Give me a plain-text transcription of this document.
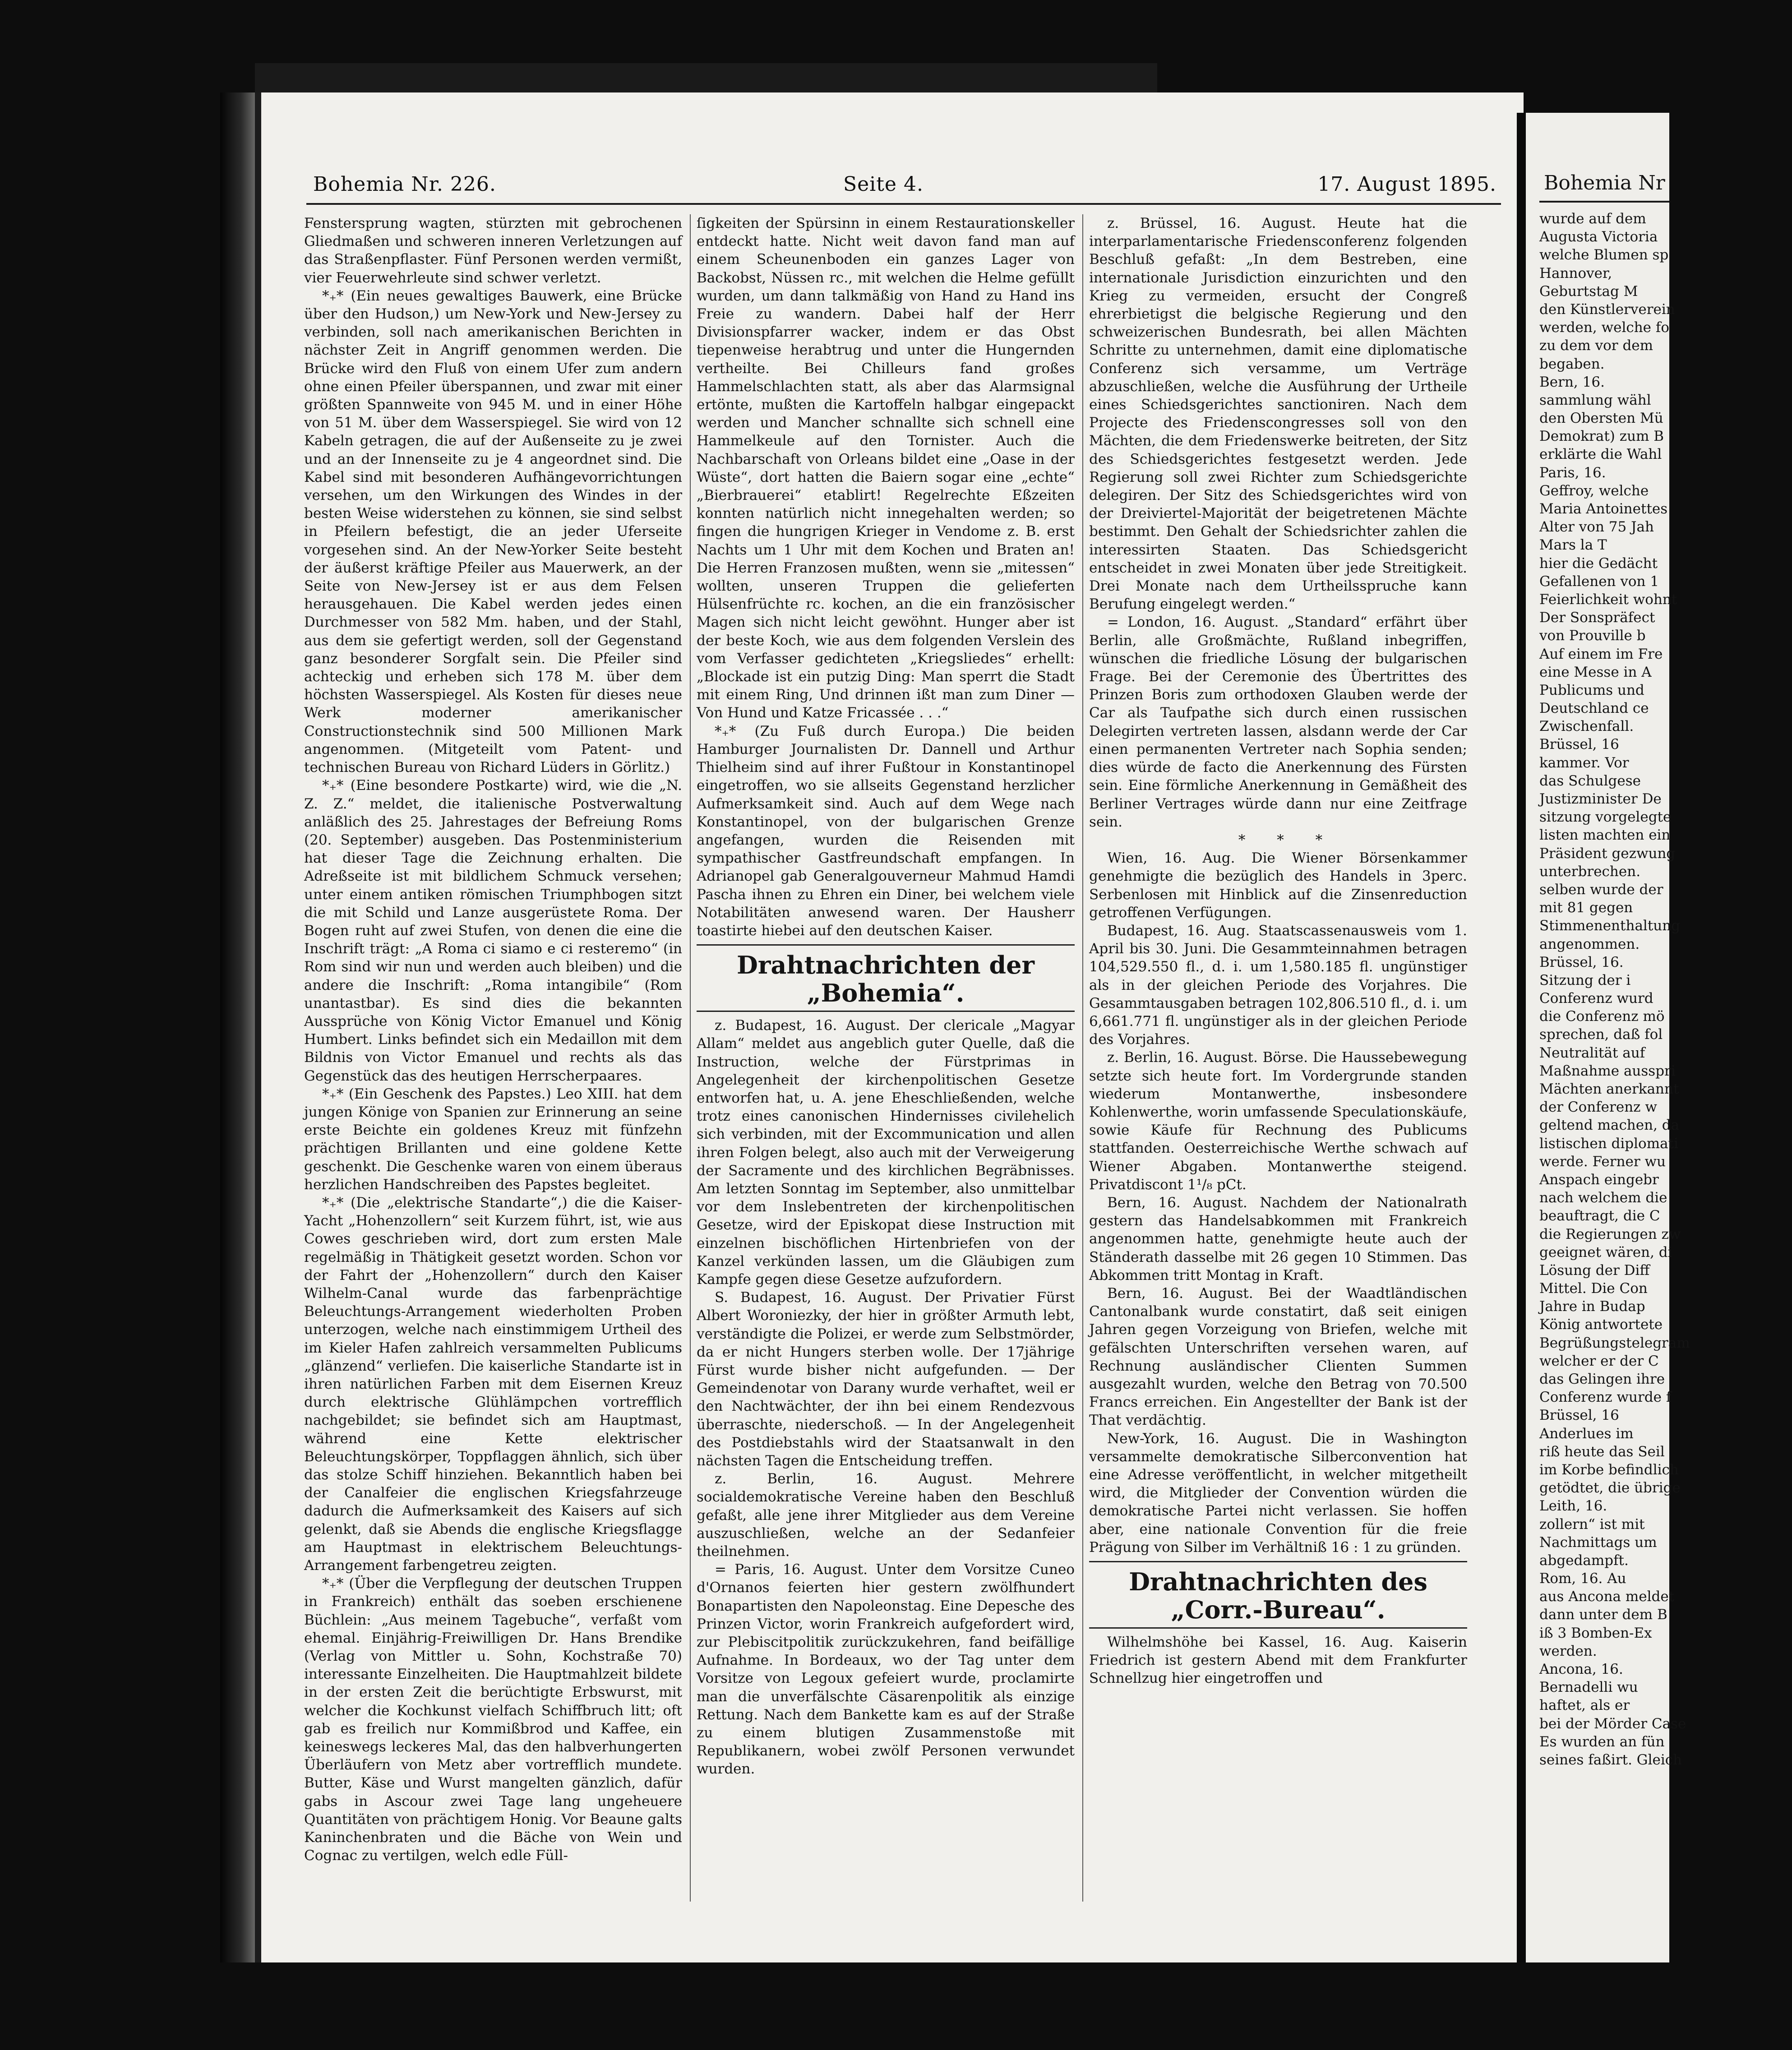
Bohemia Nr. 226.	Seite 4.	17. August 1895.

Fenstersprung wagten, stürzten mit gebrochenen Gliedmaßen und schweren inneren Verletzungen auf das Straßenpflaster. Fünf Personen werden vermißt, vier Feuerwehrleute sind schwer verletzt.

*₊* (Ein neues gewaltiges Bauwerk, eine Brücke über den Hudson,) um New-York und New-Jersey zu verbinden, soll nach amerikanischen Berichten in nächster Zeit in Angriff genommen werden. Die Brücke wird den Fluß von einem Ufer zum andern ohne einen Pfeiler überspannen, und zwar mit einer größten Spannweite von 945 M. und in einer Höhe von 51 M. über dem Wasserspiegel. Sie wird von 12 Kabeln getragen, die auf der Außenseite zu je zwei und an der Innenseite zu je 4 angeordnet sind. Die Kabel sind mit besonderen Aufhängevorrichtungen versehen, um den Wirkungen des Windes in der besten Weise widerstehen zu können, sie sind selbst in Pfeilern befestigt, die an jeder Uferseite vorgesehen sind. An der New-Yorker Seite besteht der äußerst kräftige Pfeiler aus Mauerwerk, an der Seite von New-Jersey ist er aus dem Felsen herausgehauen. Die Kabel werden jedes einen Durchmesser von 582 Mm. haben, und der Stahl, aus dem sie gefertigt werden, soll der Gegenstand ganz besonderer Sorgfalt sein. Die Pfeiler sind achteckig und erheben sich 178 M. über dem höchsten Wasserspiegel. Als Kosten für dieses neue Werk moderner amerikanischer Constructionstechnik sind 500 Millionen Mark angenommen. (Mitgeteilt vom Patent- und technischen Bureau von Richard Lüders in Görlitz.)

*₊* (Eine besondere Postkarte) wird, wie die „N. Z. Z.“ meldet, die italienische Postverwaltung anläßlich des 25. Jahrestages der Befreiung Roms (20. September) ausgeben. Das Postenministerium hat dieser Tage die Zeichnung erhalten. Die Adreßseite ist mit bildlichem Schmuck versehen; unter einem antiken römischen Triumphbogen sitzt die mit Schild und Lanze ausgerüstete Roma. Der Bogen ruht auf zwei Stufen, von denen die eine die Inschrift trägt: „A Roma ci siamo e ci resteremo“ (in Rom sind wir nun und werden auch bleiben) und die andere die Inschrift: „Roma intangibile“ (Rom unantastbar). Es sind dies die bekannten Aussprüche von König Victor Emanuel und König Humbert. Links befindet sich ein Medaillon mit dem Bildnis von Victor Emanuel und rechts als das Gegenstück das des heutigen Herrscherpaares.

*₊* (Ein Geschenk des Papstes.) Leo XIII. hat dem jungen Könige von Spanien zur Erinnerung an seine erste Beichte ein goldenes Kreuz mit fünfzehn prächtigen Brillanten und eine goldene Kette geschenkt. Die Geschenke waren von einem überaus herzlichen Handschreiben des Papstes begleitet.

*₊* (Die „elektrische Standarte“,) die die Kaiser-Yacht „Hohenzollern“ seit Kurzem führt, ist, wie aus Cowes geschrieben wird, dort zum ersten Male regelmäßig in Thätigkeit gesetzt worden. Schon vor der Fahrt der „Hohenzollern“ durch den Kaiser Wilhelm-Canal wurde das farbenprächtige Beleuchtungs-Arrangement wiederholten Proben unterzogen, welche nach einstimmigem Urtheil des im Kieler Hafen zahlreich versammelten Publicums „glänzend“ verliefen. Die kaiserliche Standarte ist in ihren natürlichen Farben mit dem Eisernen Kreuz durch elektrische Glühlämpchen vortrefflich nachgebildet; sie befindet sich am Hauptmast, während eine Kette elektrischer Beleuchtungskörper, Toppflaggen ähnlich, sich über das stolze Schiff hinziehen. Bekanntlich haben bei der Canalfeier die englischen Kriegsfahrzeuge dadurch die Aufmerksamkeit des Kaisers auf sich gelenkt, daß sie Abends die englische Kriegsflagge am Hauptmast in elektrischem Beleuchtungs-Arrangement farbengetreu zeigten.

*₊* (Über die Verpflegung der deutschen Truppen in Frankreich) enthält das soeben erschienene Büchlein: „Aus meinem Tagebuche“, verfaßt vom ehemal. Einjährig-Freiwilligen Dr. Hans Brendike (Verlag von Mittler u. Sohn, Kochstraße 70) interessante Einzelheiten. Die Hauptmahlzeit bildete in der ersten Zeit die berüchtigte Erbswurst, mit welcher die Kochkunst vielfach Schiffbruch litt; oft gab es freilich nur Kommißbrod und Kaffee, ein keineswegs leckeres Mal, das den halbverhungerten Überläufern von Metz aber vortrefflich mundete. Butter, Käse und Wurst mangelten gänzlich, dafür gabs in Ascour zwei Tage lang ungeheuere Quantitäten von prächtigem Honig. Vor Beaune galts Kaninchenbraten und die Bäche von Wein und Cognac zu vertilgen, welch edle Füll-

ſigkeiten der Spürsinn in einem Restaurationskeller entdeckt hatte. Nicht weit davon fand man auf einem Scheunenboden ein ganzes Lager von Backobst, Nüssen rc., mit welchen die Helme gefüllt wurden, um dann talkmäßig von Hand zu Hand ins Freie zu wandern. Dabei half der Herr Divisionspfarrer wacker, indem er das Obst tiepenweise herabtrug und unter die Hungernden vertheilte. Bei Chilleurs fand großes Hammelschlachten statt, als aber das Alarmsignal ertönte, mußten die Kartoffeln halbgar eingepackt werden und Mancher schnallte sich schnell eine Hammelkeule auf den Tornister. Auch die Nachbarschaft von Orleans bildet eine „Oase in der Wüste“, dort hatten die Baiern sogar eine „echte“ „Bierbrauerei“ etablirt! Regelrechte Eßzeiten konnten natürlich nicht innegehalten werden; so fingen die hungrigen Krieger in Vendome z. B. erst Nachts um 1 Uhr mit dem Kochen und Braten an! Die Herren Franzosen mußten, wenn sie „mitessen“ wollten, unseren Truppen die gelieferten Hülsenfrüchte rc. kochen, an die ein französischer Magen sich nicht leicht gewöhnt. Hunger aber ist der beste Koch, wie aus dem folgenden Verslein des vom Verfasser gedichteten „Kriegsliedes“ erhellt: „Blockade ist ein putzig Ding: Man sperrt die Stadt mit einem Ring, Und drinnen ißt man zum Diner — Von Hund und Katze Fricassée . . .“

*₊* (Zu Fuß durch Europa.) Die beiden Hamburger Journalisten Dr. Dannell und Arthur Thielheim sind auf ihrer Fußtour in Konstantinopel eingetroffen, wo sie allseits Gegenstand herzlicher Aufmerksamkeit sind. Auch auf dem Wege nach Konstantinopel, von der bulgarischen Grenze angefangen, wurden die Reisenden mit sympathischer Gastfreundschaft empfangen. In Adrianopel gab Generalgouverneur Mahmud Hamdi Pascha ihnen zu Ehren ein Diner, bei welchem viele Notabilitäten anwesend waren. Der Hausherr toastirte hiebei auf den deutschen Kaiser.

Drahtnachrichten der „Bohemia“.

z. Budapest, 16. August. Der clericale „Magyar Allam“ meldet aus angeblich guter Quelle, daß die Instruction, welche der Fürstprimas in Angelegenheit der kirchenpolitischen Gesetze entworfen hat, u. A. jene Eheschließenden, welche trotz eines canonischen Hindernisses civilehelich sich verbinden, mit der Excommunication und allen ihren Folgen belegt, also auch mit der Verweigerung der Sacramente und des kirchlichen Begräbnisses. Am letzten Sonntag im September, also unmittelbar vor dem Inslebentreten der kirchenpolitischen Gesetze, wird der Episkopat diese Instruction mit einzelnen bischöflichen Hirtenbriefen von der Kanzel verkünden lassen, um die Gläubigen zum Kampfe gegen diese Gesetze aufzufordern.

S. Budapest, 16. August. Der Privatier Fürst Albert Woroniezky, der hier in größter Armuth lebt, verständigte die Polizei, er werde zum Selbstmörder, da er nicht Hungers sterben wolle. Der 17jährige Fürst wurde bisher nicht aufgefunden. — Der Gemeindenotar von Darany wurde verhaftet, weil er den Nachtwächter, der ihn bei einem Rendezvous überraschte, niederschoß. — In der Angelegenheit des Postdiebstahls wird der Staatsanwalt in den nächsten Tagen die Entscheidung treffen.

z. Berlin, 16. August. Mehrere socialdemokratische Vereine haben den Beschluß gefaßt, alle jene ihrer Mitglieder aus dem Vereine auszuschließen, welche an der Sedanfeier theilnehmen.

= Paris, 16. August. Unter dem Vorsitze Cuneo d'Ornanos feierten hier gestern zwölfhundert Bonapartisten den Napoleonstag. Eine Depesche des Prinzen Victor, worin Frankreich aufgefordert wird, zur Plebiscitpolitik zurückzukehren, fand beifällige Aufnahme. In Bordeaux, wo der Tag unter dem Vorsitze von Legoux gefeiert wurde, proclamirte man die unverfälschte Cäsarenpolitik als einzige Rettung. Nach dem Bankette kam es auf der Straße zu einem blutigen Zusammenstoße mit Republikanern, wobei zwölf Personen verwundet wurden.

z. Brüssel, 16. August. Heute hat die interparlamentarische Friedensconferenz folgenden Beschluß gefaßt: „In dem Bestreben, eine internationale Jurisdiction einzurichten und den Krieg zu vermeiden, ersucht der Congreß ehrerbietigst die belgische Regierung und den schweizerischen Bundesrath, bei allen Mächten Schritte zu unternehmen, damit eine diplomatische Conferenz sich versamme, um Verträge abzuschließen, welche die Ausführung der Urtheile eines Schiedsgerichtes sanctioniren. Nach dem Projecte des Friedenscongresses soll von den Mächten, die dem Friedenswerke beitreten, der Sitz des Schiedsgerichtes festgesetzt werden. Jede Regierung soll zwei Richter zum Schiedsgerichte delegiren. Der Sitz des Schiedsgerichtes wird von der Dreiviertel-Majorität der beigetretenen Mächte bestimmt. Den Gehalt der Schiedsrichter zahlen die interessirten Staaten. Das Schiedsgericht entscheidet in zwei Monaten über jede Streitigkeit. Drei Monate nach dem Urtheilsspruche kann Berufung eingelegt werden.“

= London, 16. August. „Standard“ erfährt über Berlin, alle Großmächte, Rußland inbegriffen, wünschen die friedliche Lösung der bulgarischen Frage. Bei der Ceremonie des Übertrittes des Prinzen Boris zum orthodoxen Glauben werde der Car als Taufpathe sich durch einen russischen Delegirten vertreten lassen, alsdann werde der Car einen permanenten Vertreter nach Sophia senden; dies würde de facto die Anerkennung des Fürsten sein. Eine förmliche Anerkennung in Gemäßheit des Berliner Vertrages würde dann nur eine Zeitfrage sein.

* * *

Wien, 16. Aug. Die Wiener Börsenkammer genehmigte die bezüglich des Handels in 3perc. Serbenlosen mit Hinblick auf die Zinsenreduction getroffenen Verfügungen.

Budapest, 16. Aug. Staatscassenausweis vom 1. April bis 30. Juni. Die Gesammteinnahmen betragen 104,529.550 fl., d. i. um 1,580.185 fl. ungünstiger als in der gleichen Periode des Vorjahres. Die Gesammtausgaben betragen 102,806.510 fl., d. i. um 6,661.771 fl. ungünstiger als in der gleichen Periode des Vorjahres.

z. Berlin, 16. August. Börse. Die Haussebewegung setzte sich heute fort. Im Vordergrunde standen wiederum Montanwerthe, insbesondere Kohlenwerthe, worin umfassende Speculationskäufe, sowie Käufe für Rechnung des Publicums stattfanden. Oesterreichische Werthe schwach auf Wiener Abgaben. Montanwerthe steigend. Privatdiscont 1¹/₈ pCt.

Bern, 16. August. Nachdem der Nationalrath gestern das Handelsabkommen mit Frankreich angenommen hatte, genehmigte heute auch der Ständerath dasselbe mit 26 gegen 10 Stimmen. Das Abkommen tritt Montag in Kraft.

Bern, 16. August. Bei der Waadtländischen Cantonalbank wurde constatirt, daß seit einigen Jahren gegen Vorzeigung von Briefen, welche mit gefälschten Unterschriften versehen waren, auf Rechnung ausländischer Clienten Summen ausgezahlt wurden, welche den Betrag von 70.500 Francs erreichen. Ein Angestellter der Bank ist der That verdächtig.

New-York, 16. August. Die in Washington versammelte demokratische Silberconvention hat eine Adresse veröffentlicht, in welcher mitgetheilt wird, die Mitglieder der Convention würden die demokratische Partei nicht verlassen. Sie hoffen aber, eine nationale Convention für die freie Prägung von Silber im Verhältniß 16 : 1 zu gründen.

Drahtnachrichten des „Corr.-Bureau“.

Wilhelmshöhe bei Kassel, 16. Aug. Kaiserin Friedrich ist gestern Abend mit dem Frankfurter Schnellzug hier eingetroffen und

Bohemia Nr
wurde auf dem
Augusta Victoria
welche Blumen sp
Hannover,
Geburtstag M
den Künstlerverein
werden, welche fo
zu dem vor dem
begaben.
Bern, 16.
sammlung wähl
den Obersten Mü
Demokrat) zum B
erklärte die Wahl
Paris, 16.
Geffroy, welche
Maria Antoinettes
Alter von 75 Jah
Mars la T
hier die Gedächt
Gefallenen von 1
Feierlichkeit wohnt
Der Sonspräfect
von Prouville b
Auf einem im Fre
eine Messe in A
Publicums und
Deutschland ce
Zwischenfall.
Brüssel, 16
kammer. Vor
das Schulgese
Justizminister De
sitzung vorgelegte
listen machten ein
Präsident gezwung
unterbrechen.
selben wurde der
mit 81 gegen
Stimmenenthaltung
angenommen.
Brüssel, 16.
Sitzung der i
Conferenz wurd
die Conferenz mö
sprechen, daß fol
Neutralität auf
Maßnahme ausspri
Mächten anerkannt
der Conferenz w
geltend machen, da
listischen diplomati
werde. Ferner wu
Anspach eingebr
nach welchem die
beauftragt, die C
die Regierungen zw
geeignet wären, di
Lösung der Diff
Mittel. Die Con
Jahre in Budap
König antwortete
Begrüßungstelegram
welcher er der C
das Gelingen ihre
Conferenz wurde f
Brüssel, 16
Anderlues im
riß heute das Seil
im Korbe befindlich
getödtet, die übrige
Leith, 16.
zollern“ ist mit
Nachmittags um
abgedampft.
Rom, 16. Au
aus Ancona meldet
dann unter dem B
iß 3 Bomben-Ex
werden.
Ancona, 16.
Bernadelli wu
haftet, als er
bei der Mörder Case
Es wurden an fün
seines faßirt. Gleich
